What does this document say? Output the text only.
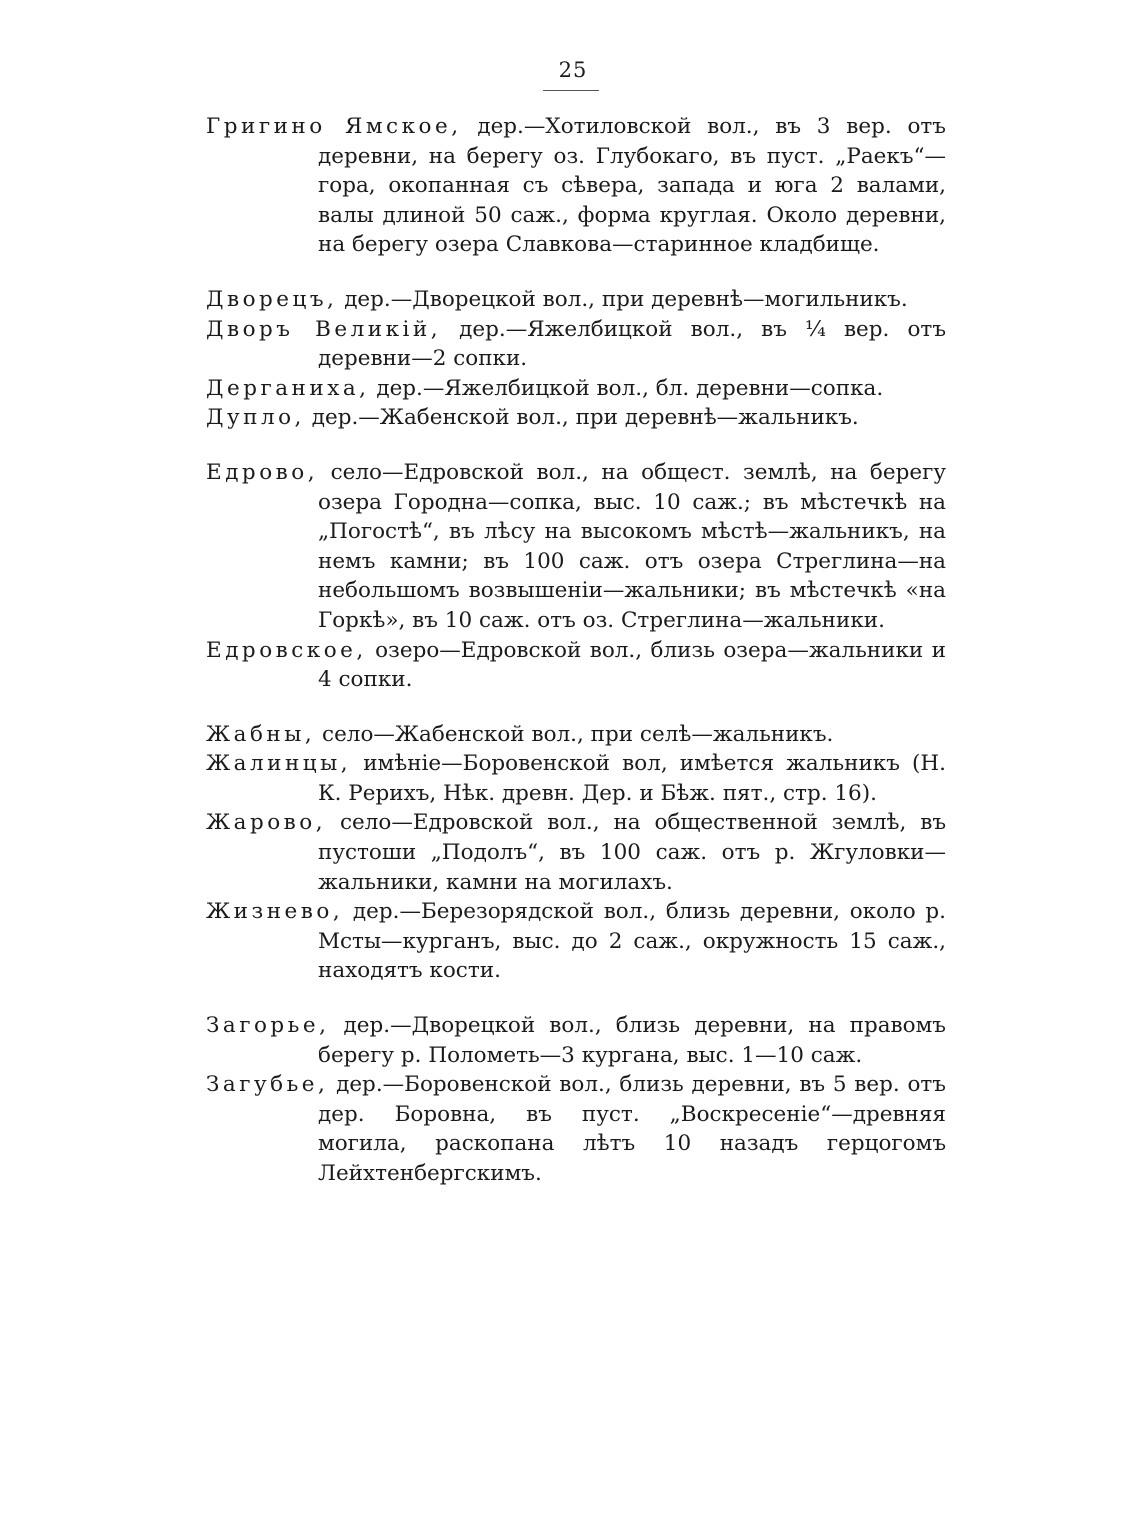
25

Григино Ямское, дер.—Хотиловской вол., въ 3 вер. отъ деревни, на берегу оз. Глубокаго, въ пуст. „Раекъ“—гора, окопанная съ сѣвера, запада и юга 2 валами, валы длиной 50 саж., форма круглая. Около деревни, на берегу озера Славкова—старинное кладбище.

Дворецъ, дер.—Дворецкой вол., при деревнѣ—могильникъ.

Дворъ Великій, дер.—Яжелбицкой вол., въ ¼ вер. отъ деревни—2 сопки.

Дерганиха, дер.—Яжелбицкой вол., бл. деревни—сопка.

Дупло, дер.—Жабенской вол., при деревнѣ—жальникъ.

Едрово, село—Едровской вол., на общест. землѣ, на берегу озера Городна—сопка, выс. 10 саж.; въ мѣстечкѣ на „Погостѣ“, въ лѣсу на высокомъ мѣстѣ—жальникъ, на немъ камни; въ 100 саж. отъ озера Стреглина—на небольшомъ возвышеніи—жальники; въ мѣстечкѣ «на Горкѣ», въ 10 саж. отъ оз. Стреглина—жальники.

Едровское, озеро—Едровской вол., близь озера—жальники и 4 сопки.

Жабны, село—Жабенской вол., при селѣ—жальникъ.

Жалинцы, имѣніе—Боровенской вол, имѣется жальникъ (Н. К. Рерихъ, Нѣк. древн. Дер. и Бѣж. пят., стр. 16).

Жарово, село—Едровской вол., на общественной землѣ, въ пустоши „Подолъ“, въ 100 саж. отъ р. Жгуловки—жальники, камни на могилахъ.

Жизнево, дер.—Березорядской вол., близь деревни, около р. Мсты—курганъ, выс. до 2 саж., окружность 15 саж., находятъ кости.

Загорье, дер.—Дворецкой вол., близь деревни, на правомъ берегу р. Полометь—3 кургана, выс. 1—10 саж.

Загубье, дер.—Боровенской вол., близь деревни, въ 5 вер. отъ дер. Боровна, въ пуст. „Воскресеніе“—древняя могила, раскопана лѣтъ 10 назадъ герцогомъ Лейхтенбергскимъ.
